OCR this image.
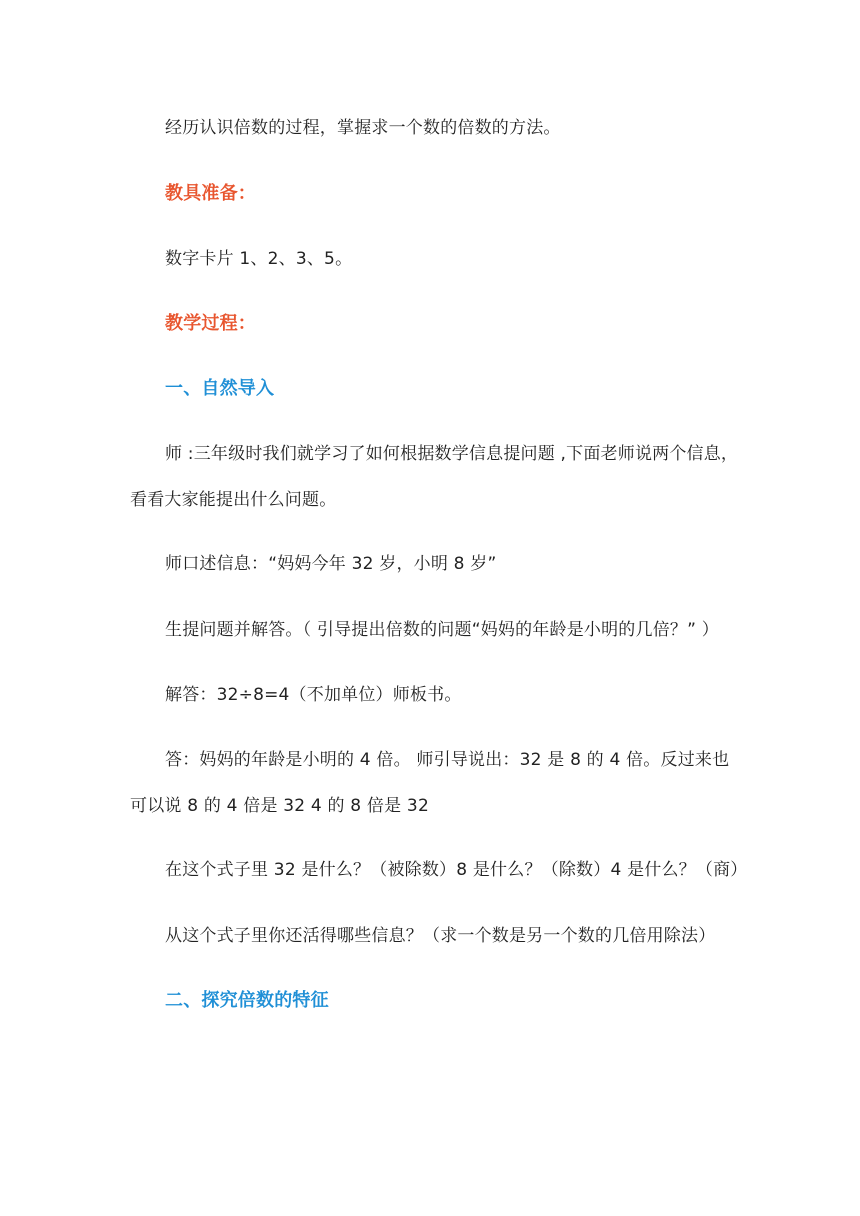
经历认识倍数的过程，掌握求一个数的倍数的方法。
教具准备：
数字卡片 1、2、3、5。
教学过程：
一、自然导入
师 :三年级时我们就学习了如何根据数学信息提问题 ,下面老师说两个信息，
看看大家能提出什么问题。
师口述信息：“妈妈今年 32 岁，小明 8 岁”
生提问题并解答。（ 引导提出倍数的问题“妈妈的年龄是小明的几倍？” ）
解答：32÷8=4（不加单位）师板书。
答：妈妈的年龄是小明的 4 倍。 师引导说出：32 是 8 的 4 倍。反过来也
可以说 8 的 4 倍是 32 4 的 8 倍是 32
在这个式子里 32 是什么？（被除数）8 是什么？（除数）4 是什么？（商）
从这个式子里你还活得哪些信息？（求一个数是另一个数的几倍用除法）
二、探究倍数的特征
